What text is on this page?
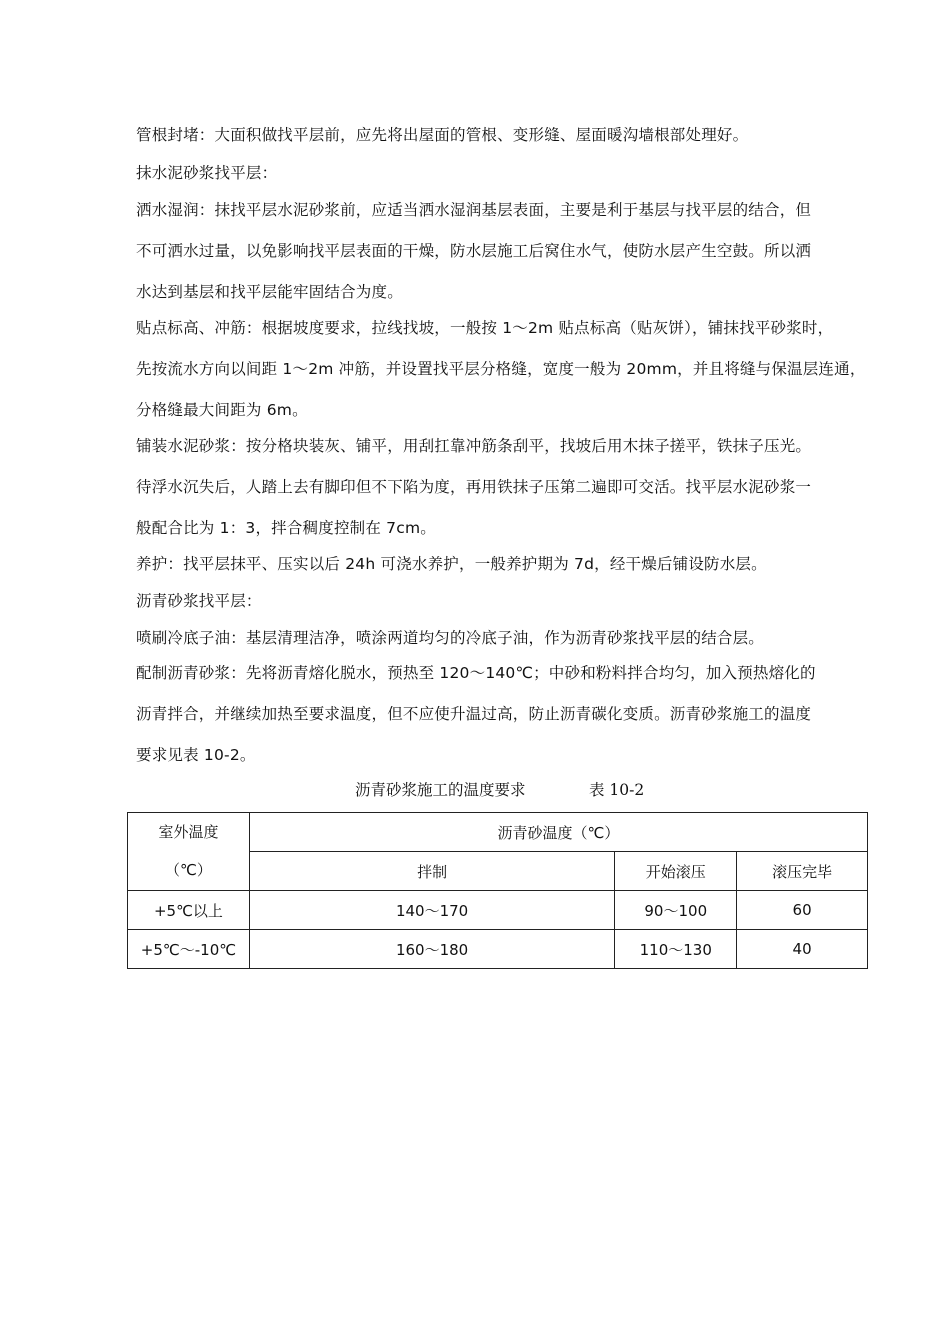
管根封堵：大面积做找平层前，应先将出屋面的管根、变形缝、屋面暖沟墙根部处理好。
抹水泥砂浆找平层：
洒水湿润：抹找平层水泥砂浆前，应适当洒水湿润基层表面，主要是利于基层与找平层的结合，但
不可洒水过量，以免影响找平层表面的干燥，防水层施工后窝住水气，使防水层产生空鼓。所以洒
水达到基层和找平层能牢固结合为度。
贴点标高、冲筋：根据坡度要求，拉线找坡，一般按 1～2m 贴点标高（贴灰饼），铺抹找平砂浆时，
先按流水方向以间距 1～2m 冲筋，并设置找平层分格缝，宽度一般为 20mm，并且将缝与保温层连通，
分格缝最大间距为 6m。
铺装水泥砂浆：按分格块装灰、铺平，用刮扛靠冲筋条刮平，找坡后用木抹子搓平，铁抹子压光。
待浮水沉失后，人踏上去有脚印但不下陷为度，再用铁抹子压第二遍即可交活。找平层水泥砂浆一
般配合比为 1：3，拌合稠度控制在 7cm。
养护：找平层抹平、压实以后 24h 可浇水养护，一般养护期为 7d，经干燥后铺设防水层。
沥青砂浆找平层：
喷刷冷底子油：基层清理洁净，喷涂两道均匀的冷底子油，作为沥青砂浆找平层的结合层。
配制沥青砂浆：先将沥青熔化脱水，预热至 120～140℃；中砂和粉料拌合均匀，加入预热熔化的
沥青拌合，并继续加热至要求温度，但不应使升温过高，防止沥青碳化变质。沥青砂浆施工的温度
要求见表 10-2。
沥青砂浆施工的温度要求	表 10-2
室外温度
（℃）	沥青砂温度（℃）		
	拌制	开始滚压	滚压完毕
+5℃以上	140～170	90～100	60
+5℃～-10℃	160～180	110～130	40
